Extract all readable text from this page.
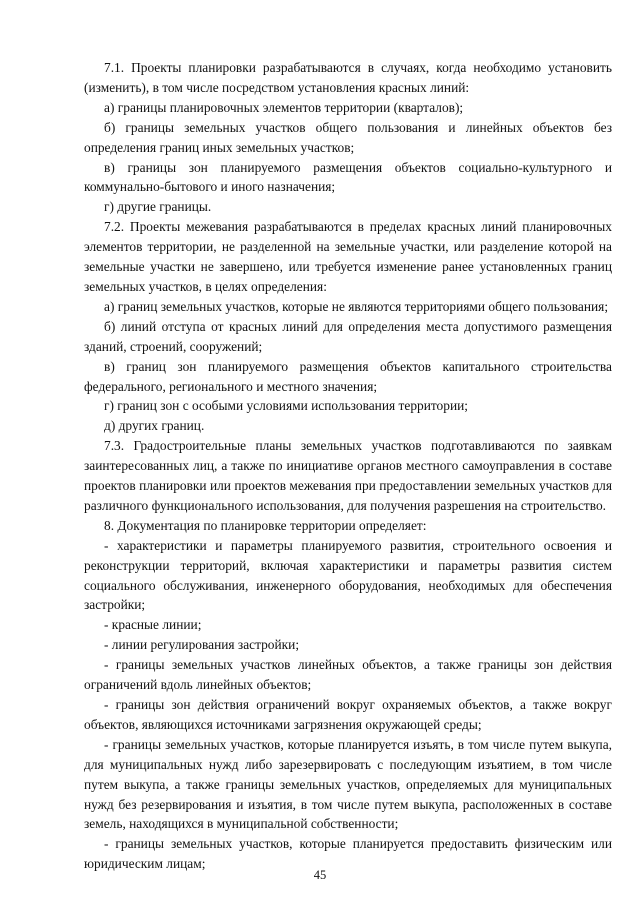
7.1. Проекты планировки разрабатываются в случаях, когда необходимо установить (изменить), в том числе посредством установления красных линий:

а) границы планировочных элементов территории (кварталов);

б) границы земельных участков общего пользования и линейных объектов без определения границ иных земельных участков;

в) границы зон планируемого размещения объектов социально-культурного и коммунально-бытового и иного назначения;

г) другие границы.

7.2. Проекты межевания разрабатываются в пределах красных линий планировочных элементов территории, не разделенной на земельные участки, или разделение которой на земельные участки не завершено, или требуется изменение ранее установленных границ земельных участков, в целях определения:

а) границ земельных участков, которые не являются территориями общего пользования;

б) линий отступа от красных линий для определения места допустимого размещения зданий, строений, сооружений;

в) границ зон планируемого размещения объектов капитального строительства федерального, регионального и местного значения;

г) границ зон с особыми условиями использования территории;

д) других границ.

7.3. Градостроительные планы земельных участков подготавливаются по заявкам заинтересованных лиц, а также по инициативе органов местного самоуправления в составе проектов планировки или проектов межевания при предоставлении земельных участков для различного функционального использования, для получения разрешения на строительство.

8. Документация по планировке территории определяет:

- характеристики и параметры планируемого развития, строительного освоения и реконструкции территорий, включая характеристики и параметры развития систем социального обслуживания, инженерного оборудования, необходимых для обеспечения застройки;

- красные линии;

- линии регулирования застройки;

- границы земельных участков линейных объектов, а также границы зон действия ограничений вдоль линейных объектов;

- границы зон действия ограничений вокруг охраняемых объектов, а также вокруг объектов, являющихся источниками загрязнения окружающей среды;

- границы земельных участков, которые планируется изъять, в том числе путем выкупа, для муниципальных нужд либо зарезервировать с последующим изъятием, в том числе путем выкупа, а также границы земельных участков, определяемых для муниципальных нужд без резервирования и изъятия, в том числе путем выкупа, расположенных в составе земель, находящихся в муниципальной собственности;

- границы земельных участков, которые планируется предоставить физическим или юридическим лицам;

45
